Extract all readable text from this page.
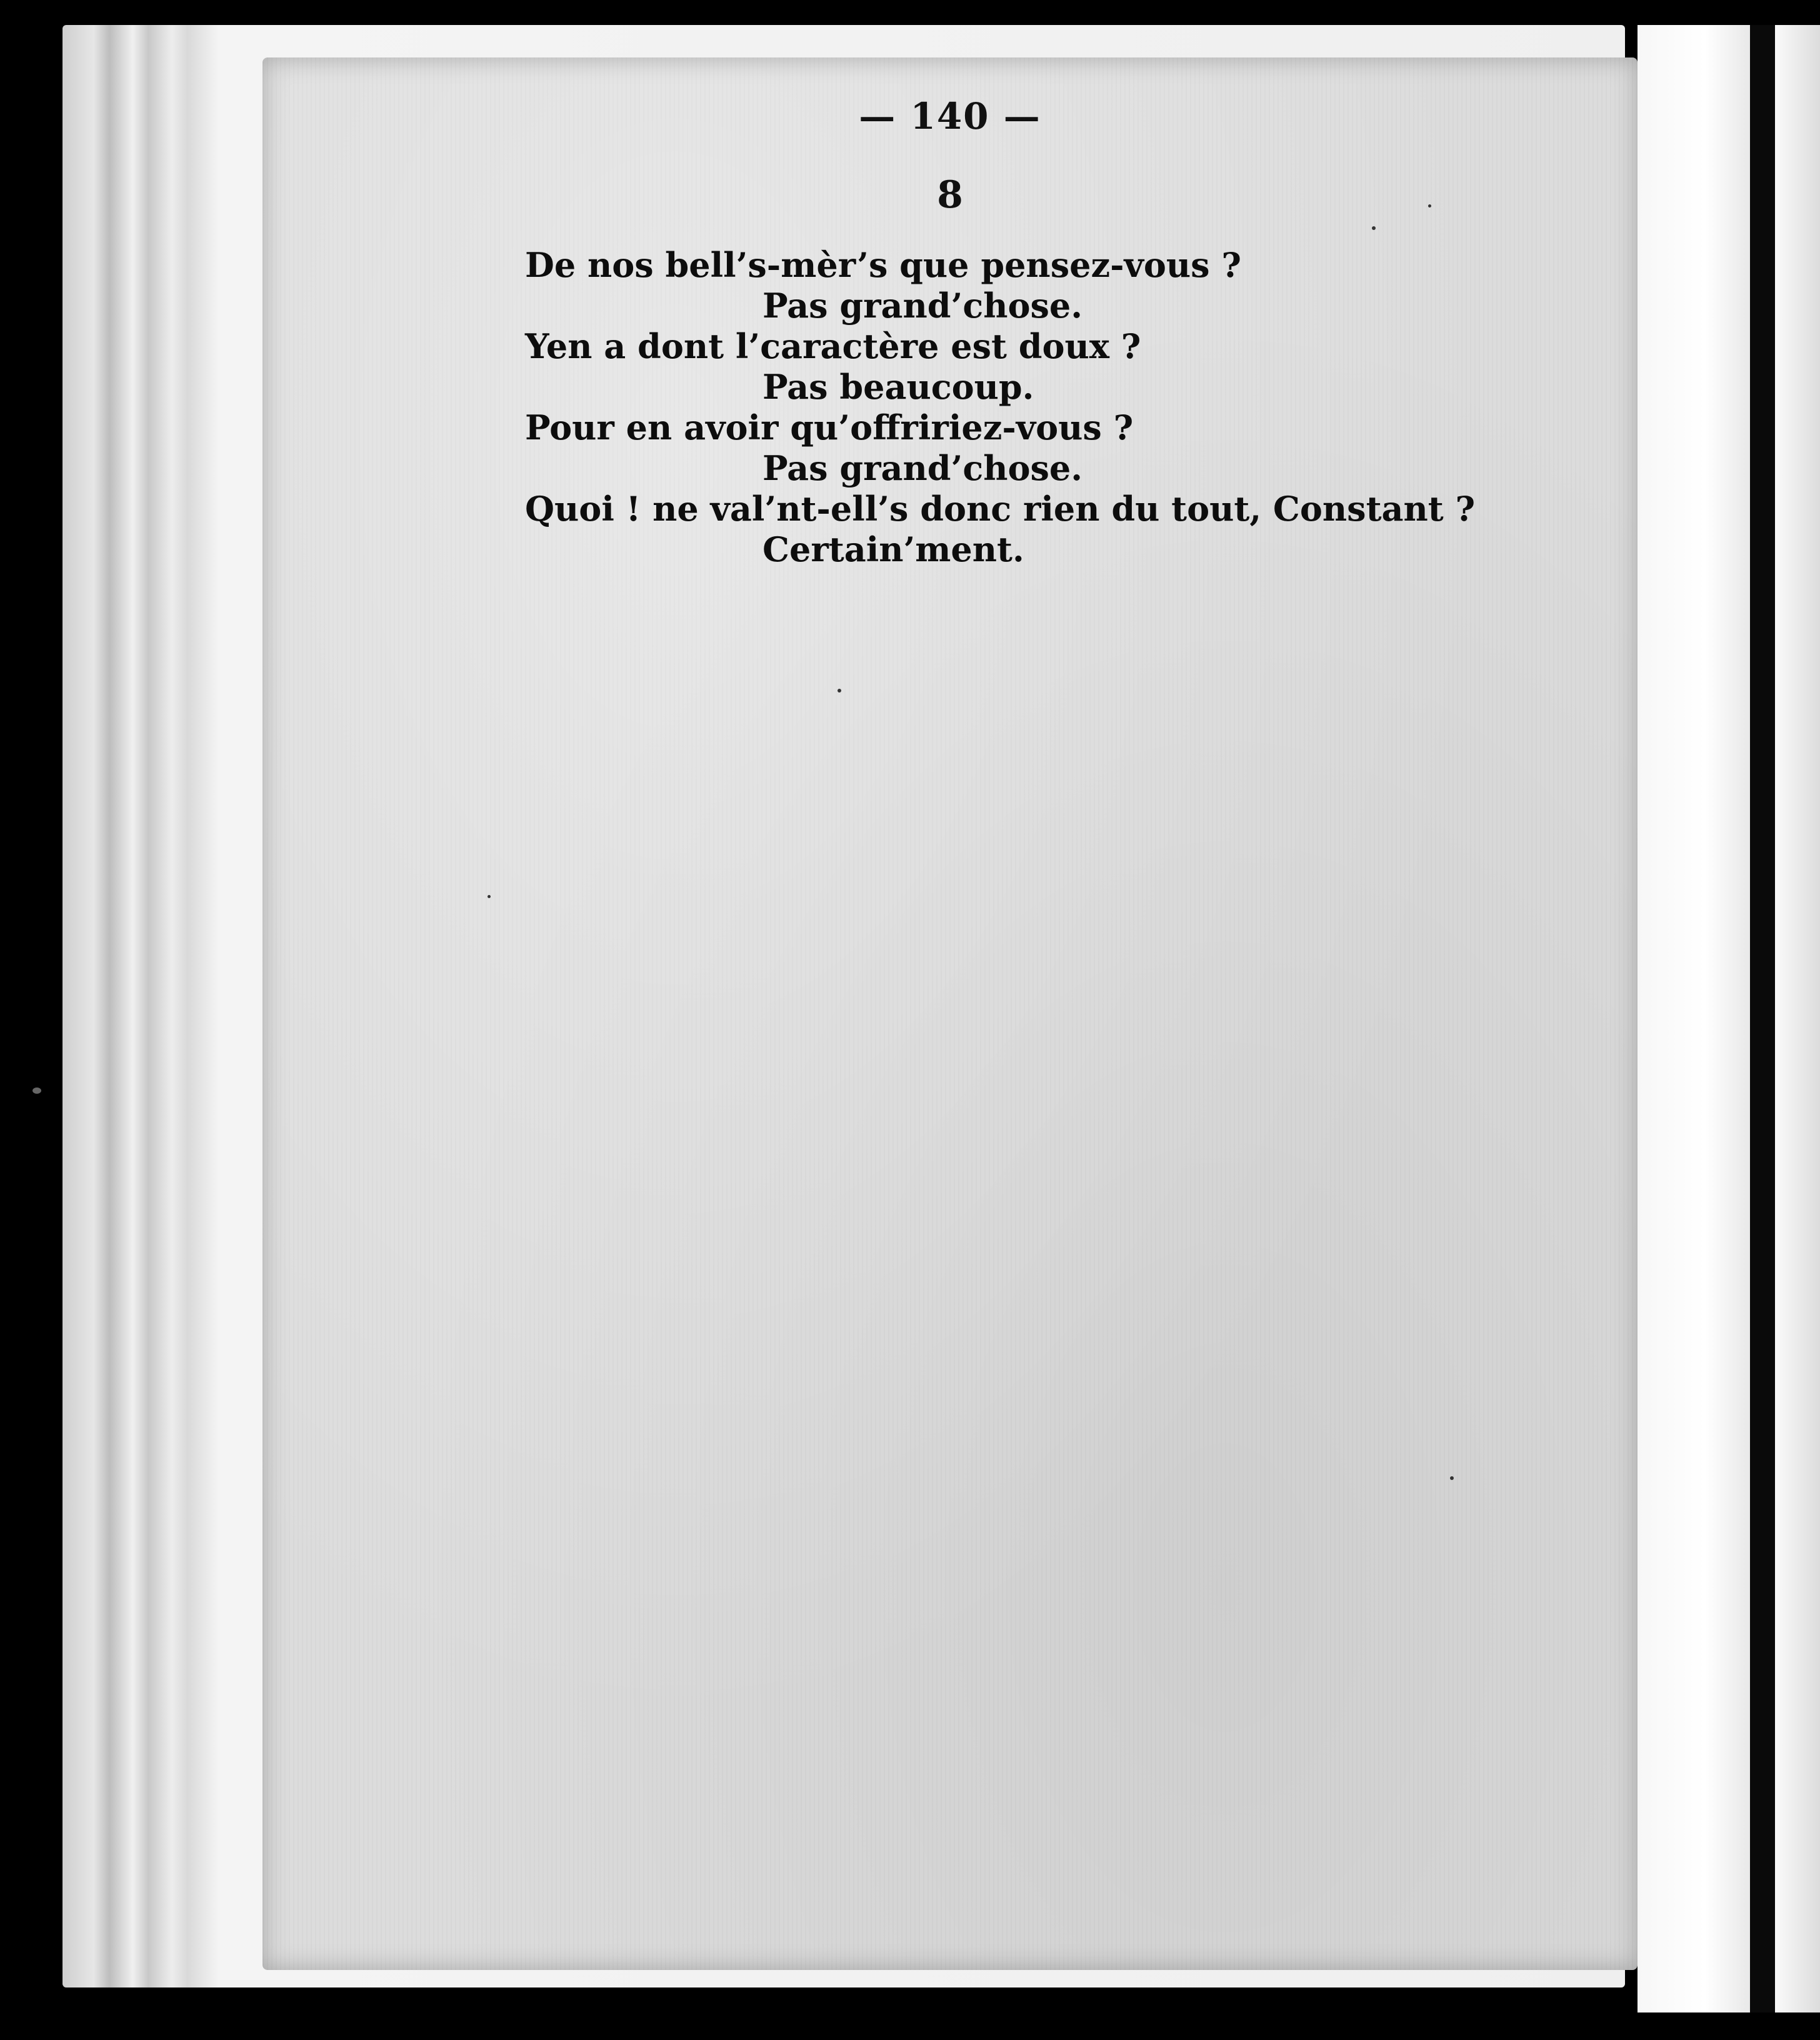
— 140 —
8
De nos bell’s-mèr’s que pensez-vous ?
Pas grand’chose.
Yen a dont l’caractère est doux ?
Pas beaucoup.
Pour en avoir qu’offririez-vous ?
Pas grand’chose.
Quoi ! ne val’nt-ell’s donc rien du tout, Constant ?
Certain’ment.
